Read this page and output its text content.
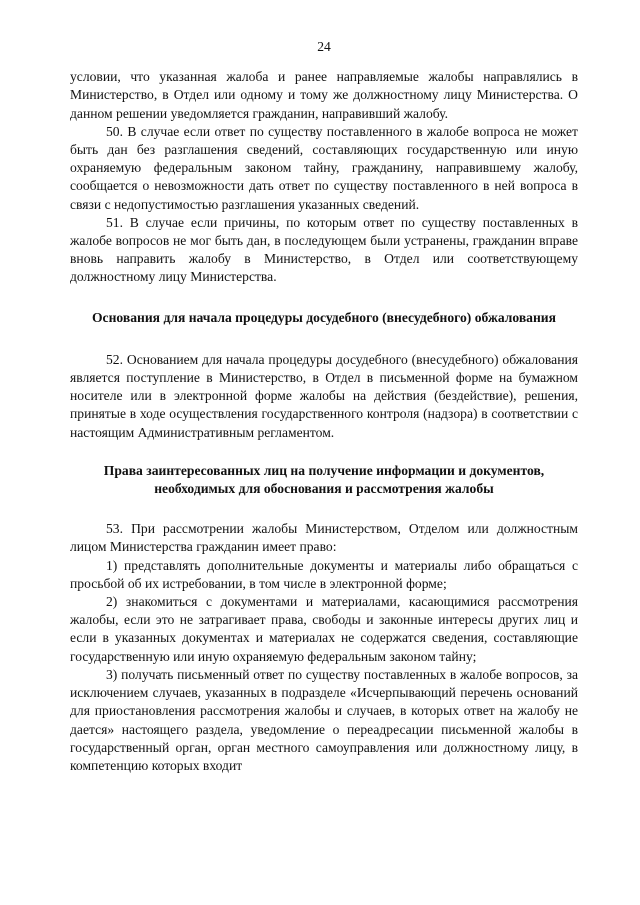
24

условии, что указанная жалоба и ранее направляемые жалобы направлялись в Министерство, в Отдел или одному и тому же должностному лицу Министерства. О данном решении уведомляется гражданин, направивший жалобу.

50. В случае если ответ по существу поставленного в жалобе вопроса не может быть дан без разглашения сведений, составляющих государственную или иную охраняемую федеральным законом тайну, гражданину, направившему жалобу, сообщается о невозможности дать ответ по существу поставленного в ней вопроса в связи с недопустимостью разглашения указанных сведений.

51. В случае если причины, по которым ответ по существу поставленных в жалобе вопросов не мог быть дан, в последующем были устранены, гражданин вправе вновь направить жалобу в Министерство, в Отдел или соответствующему должностному лицу Министерства.

Основания для начала процедуры досудебного (внесудебного) обжалования

52. Основанием для начала процедуры досудебного (внесудебного) обжалования является поступление в Министерство, в Отдел в письменной форме на бумажном носителе или в электронной форме жалобы на действия (бездействие), решения, принятые в ходе осуществления государственного контроля (надзора) в соответствии с настоящим Административным регламентом.

Права заинтересованных лиц на получение информации и документов, необходимых для обоснования и рассмотрения жалобы

53. При рассмотрении жалобы Министерством, Отделом или должностным лицом Министерства гражданин имеет право:

1) представлять дополнительные документы и материалы либо обращаться с просьбой об их истребовании, в том числе в электронной форме;

2) знакомиться с документами и материалами, касающимися рассмотрения жалобы, если это не затрагивает права, свободы и законные интересы других лиц и если в указанных документах и материалах не содержатся сведения, составляющие государственную или иную охраняемую федеральным законом тайну;

3) получать письменный ответ по существу поставленных в жалобе вопросов, за исключением случаев, указанных в подразделе «Исчерпывающий перечень оснований для приостановления рассмотрения жалобы и случаев, в которых ответ на жалобу не дается» настоящего раздела, уведомление о переадресации письменной жалобы в государственный орган, орган местного самоуправления или должностному лицу, в компетенцию которых входит
